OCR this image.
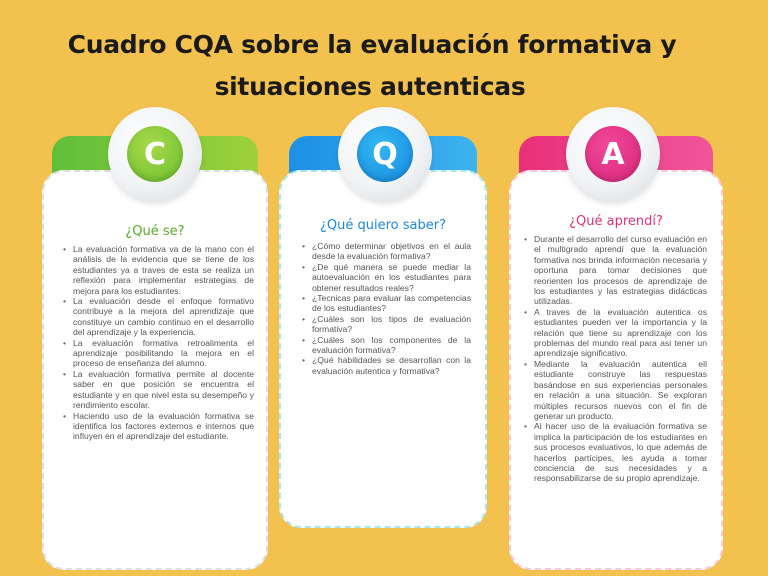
Cuadro CQA sobre la evaluación formativa y
situaciones autenticas
¿Qué se?
• La evaluación formativa va de la mano con el análisis de la evidencia que se tiene de los estudiantes ya a traves de esta se realiza un reflexión para implementar estrategias de mejora para los estudiantes.
• La evaluación desde el enfoque formativo contribuye a la mejora del aprendizaje que constituye un cambio continuo en el desarrollo del aprendizaje y la experiencia.
• La evaluación formativa retroalimenta el aprendizaje posibilitando la mejora en el proceso de enseñanza del alumno.
• La evaluación formativa permite al docente saber en que posición se encuentra el estudiante y en que nivel esta su desempeño y rendimiento escolar.
• Haciendo uso de la evaluación formativa se identifica los factores externos e internos que influyen en el aprendizaje del estudiante.
C
¿Qué quiero saber?
• ¿Cómo determinar objetivos en el aula desde la evaluación formativa?
• ¿De qué manera se puede mediar la autoevaluación en los estudiantes para obtener resultados reales?
• ¿Tecnicas para evaluar las competencias de los estudiantes?
• ¿Cuáles son los tipos de evaluación formativa?
• ¿Cuáles son los componentes de la evaluación formativa?
• ¿Qué habilidades se desarrollan con la evaluación autentica y formativa?
Q
¿Qué aprendí?
• Durante el desarrollo del curso evaluación en el multigrado aprendí que la evaluación formativa nos brinda información necesaria y oportuna para tomar decisiones que reorienten los procesos de aprendizaje de los estudiantes y las estrategias didácticas utilizadas.
• A traves de la evaluación autentica os estudiantes pueden ver la importancia y la relación que tiene su aprendizaje con los problemas del mundo real para asi tener un aprendizaje significativo.
• Mediante la evaluación autentica ell estudiante construye las respuestas basándose en sus experiencias personales en relación a una situación. Se exploran múltiples recursos nuevos con el fin de generar un producto.
• Al hacer uso de la evaluación formativa se implica la participación de los estudiantes en sus procesos evaluativos, lo que además de hacerlos partícipes, les ayuda a tomar conciencia de sus necesidades y a responsabilizarse de su propio aprendizaje.
A
